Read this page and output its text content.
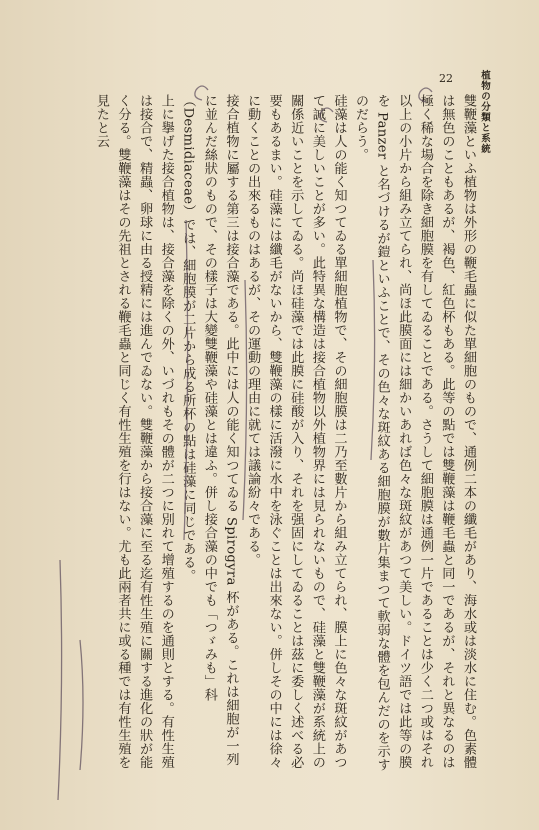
植物の分類と系統
22

雙鞭藻といふ植物は外形の鞭毛蟲に似た單細胞のもので、通例二本の纖毛があり、海水或は淡水に住む。色素體は無色のこともあるが、褐色、紅色杯もある。此等の點では雙鞭藻は鞭毛蟲と同一であるが、それと異なるのは極く稀な場合を除き細胞膜を有してゐることである。さうして細胞膜は通例一片であることは少く二つ或はそれ以上の小片から組み立てられ、尚ほ此膜面には細かいあれば色々な斑紋があつて美しい。ドイツ語では此等の膜を Panzer と名づけるが鎧といふことで、その色々な斑紋ある細胞膜が數片集まつて軟弱な體を包んだのを示すのだらう。

硅藻は人の能く知つてゐる單細胞植物で、その細胞膜は二乃至數片から組み立てられ、膜上に色々な斑紋があつて誠に美しいことが多い。此特異な構造は接合植物以外植物界には見られないもので、硅藻と雙鞭藻が系統上の關係近いことを示してゐる。尚ほ硅藻では此膜に硅酸が入り、それを强固にしてゐることは茲に委しく述べる必要もあるまい。硅藻には纖毛がないから、雙鞭藻の樣に活潑に水中を泳ぐことは出來ない。併しその中には徐々に動くことの出來るものはあるが、その運動の理由に就ては議論紛々である。

接合植物に屬する第三は接合藻である。此中には人の能く知つてゐる Spirogyra 杯がある。これは細胞が一列に並んだ絲狀のもので、その樣子は大變雙鞭藻や硅藻とは違ふ。併し接合藻の中でも「つゞみも」科（Desmidiaceae）では、細胞膜が二片から成る所杯の點は硅藻に同じである。

上に擧げた接合植物は、接合藻を除くの外、いづれもその體が二つに別れて增殖するのを通則とする。有性生殖は接合で、精蟲、卵球に由る授精には進んでゐない。雙鞭藻から接合藻に至る迄有性生殖に關する進化の狀が能く分る。雙鞭藻はその先祖とされる鞭毛蟲と同じく有性生殖を行はない。尤も此兩者共に或る種では有性生殖を見たと云
